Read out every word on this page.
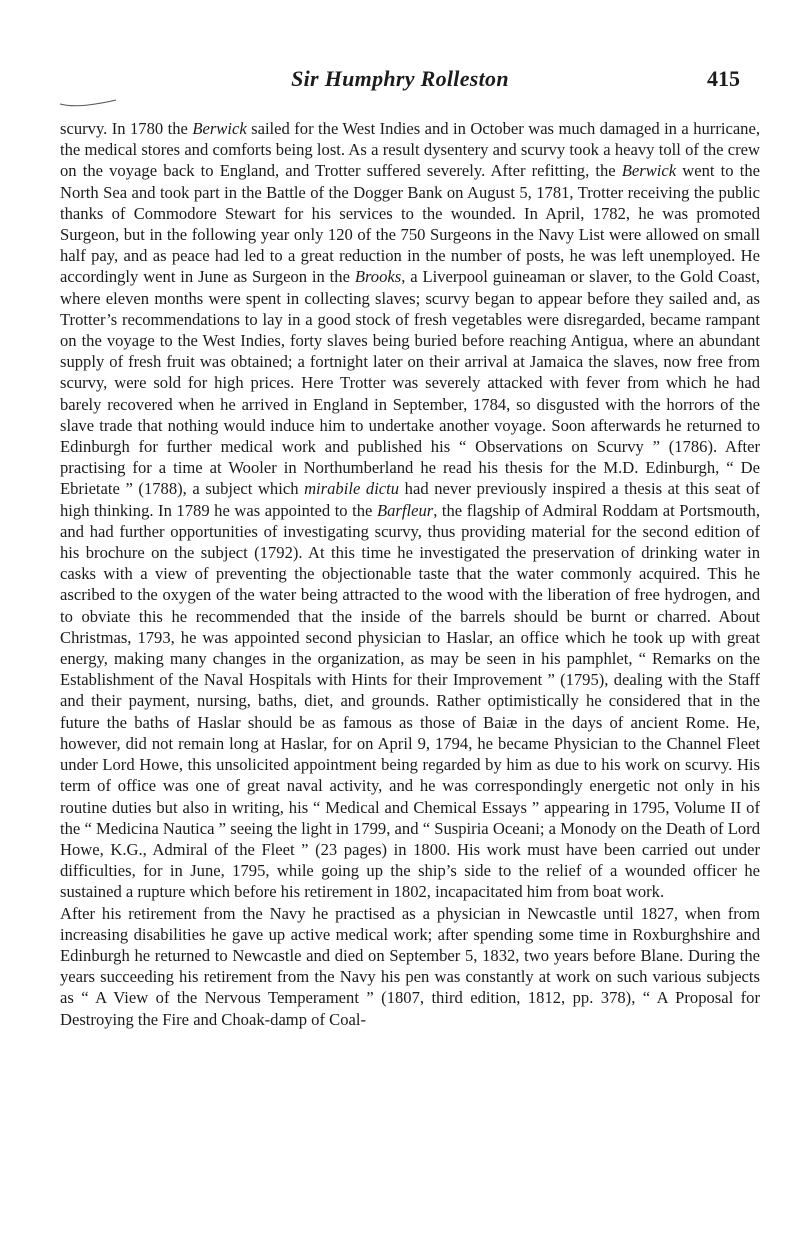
Sir Humphry Rolleston	415

scurvy. In 1780 the Berwick sailed for the West Indies and in October was much damaged in a hurricane, the medical stores and comforts being lost. As a result dysentery and scurvy took a heavy toll of the crew on the voyage back to England, and Trotter suffered severely. After refitting, the Berwick went to the North Sea and took part in the Battle of the Dogger Bank on August 5, 1781, Trotter receiving the public thanks of Commodore Stewart for his services to the wounded. In April, 1782, he was promoted Surgeon, but in the following year only 120 of the 750 Surgeons in the Navy List were allowed on small half pay, and as peace had led to a great reduction in the number of posts, he was left unemployed. He accordingly went in June as Surgeon in the Brooks, a Liverpool guineaman or slaver, to the Gold Coast, where eleven months were spent in collecting slaves; scurvy began to appear before they sailed and, as Trotter’s recommendations to lay in a good stock of fresh vegetables were disregarded, became rampant on the voyage to the West Indies, forty slaves being buried before reaching Antigua, where an abundant supply of fresh fruit was obtained; a fortnight later on their arrival at Jamaica the slaves, now free from scurvy, were sold for high prices. Here Trotter was severely attacked with fever from which he had barely recovered when he arrived in England in September, 1784, so disgusted with the horrors of the slave trade that nothing would induce him to undertake another voyage. Soon afterwards he returned to Edinburgh for further medical work and published his “ Observations on Scurvy ” (1786). After practising for a time at Wooler in Northumberland he read his thesis for the M.D. Edinburgh, “ De Ebrietate ” (1788), a subject which mirabile dictu had never previously inspired a thesis at this seat of high thinking. In 1789 he was appointed to the Barfleur, the flagship of Admiral Roddam at Portsmouth, and had further opportunities of investigating scurvy, thus providing material for the second edition of his brochure on the subject (1792). At this time he investigated the preservation of drinking water in casks with a view of preventing the objectionable taste that the water commonly acquired. This he ascribed to the oxygen of the water being attracted to the wood with the liberation of free hydrogen, and to obviate this he recommended that the inside of the barrels should be burnt or charred. About Christmas, 1793, he was appointed second physician to Haslar, an office which he took up with great energy, making many changes in the organization, as may be seen in his pamphlet, “ Remarks on the Establishment of the Naval Hospitals with Hints for their Improvement ” (1795), dealing with the Staff and their payment, nursing, baths, diet, and grounds. Rather optimistically he considered that in the future the baths of Haslar should be as famous as those of Baiæ in the days of ancient Rome. He, however, did not remain long at Haslar, for on April 9, 1794, he became Physician to the Channel Fleet under Lord Howe, this unsolicited appointment being regarded by him as due to his work on scurvy. His term of office was one of great naval activity, and he was correspondingly energetic not only in his routine duties but also in writing, his “ Medical and Chemical Essays ” appearing in 1795, Volume II of the “ Medicina Nautica ” seeing the light in 1799, and “ Suspiria Oceani; a Monody on the Death of Lord Howe, K.G., Admiral of the Fleet ” (23 pages) in 1800. His work must have been carried out under difficulties, for in June, 1795, while going up the ship’s side to the relief of a wounded officer he sustained a rupture which before his retirement in 1802, incapacitated him from boat work.

After his retirement from the Navy he practised as a physician in Newcastle until 1827, when from increasing disabilities he gave up active medical work; after spending some time in Roxburghshire and Edinburgh he returned to Newcastle and died on September 5, 1832, two years before Blane. During the years succeeding his retirement from the Navy his pen was constantly at work on such various subjects as “ A View of the Nervous Temperament ” (1807, third edition, 1812, pp. 378), “ A Proposal for Destroying the Fire and Choak-damp of Coal-
